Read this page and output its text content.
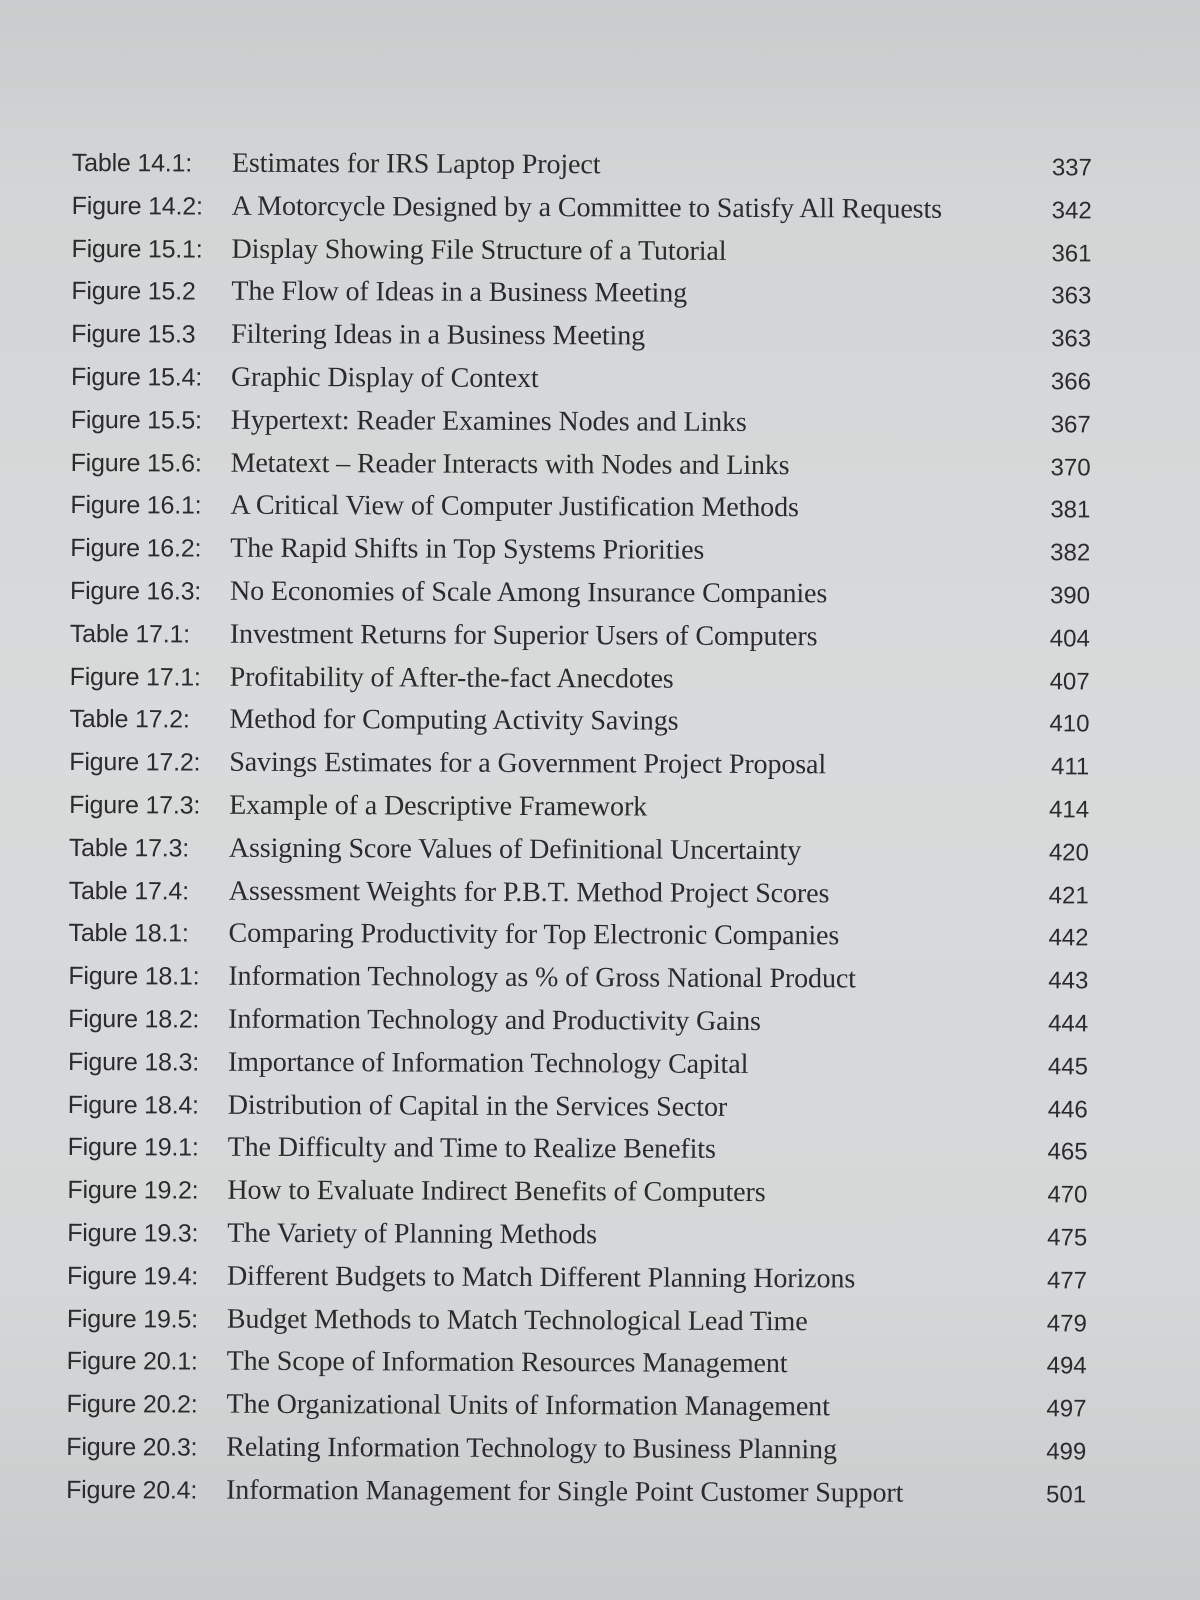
Table 14.1:	Estimates for IRS Laptop Project	337
Figure 14.2:	A Motorcycle Designed by a Committee to Satisfy All Requests	342
Figure 15.1:	Display Showing File Structure of a Tutorial	361
Figure 15.2	The Flow of Ideas in a Business Meeting	363
Figure 15.3	Filtering Ideas in a Business Meeting	363
Figure 15.4:	Graphic Display of Context	366
Figure 15.5:	Hypertext: Reader Examines Nodes and Links	367
Figure 15.6:	Metatext – Reader Interacts with Nodes and Links	370
Figure 16.1:	A Critical View of Computer Justification Methods	381
Figure 16.2:	The Rapid Shifts in Top Systems Priorities	382
Figure 16.3:	No Economies of Scale Among Insurance Companies	390
Table 17.1:	Investment Returns for Superior Users of Computers	404
Figure 17.1:	Profitability of After-the-fact Anecdotes	407
Table 17.2:	Method for Computing Activity Savings	410
Figure 17.2:	Savings Estimates for a Government Project Proposal	411
Figure 17.3:	Example of a Descriptive Framework	414
Table 17.3:	Assigning Score Values of Definitional Uncertainty	420
Table 17.4:	Assessment Weights for P.B.T. Method Project Scores	421
Table 18.1:	Comparing Productivity for Top Electronic Companies	442
Figure 18.1:	Information Technology as % of Gross National Product	443
Figure 18.2:	Information Technology and Productivity Gains	444
Figure 18.3:	Importance of Information Technology Capital	445
Figure 18.4:	Distribution of Capital in the Services Sector	446
Figure 19.1:	The Difficulty and Time to Realize Benefits	465
Figure 19.2:	How to Evaluate Indirect Benefits of Computers	470
Figure 19.3:	The Variety of Planning Methods	475
Figure 19.4:	Different Budgets to Match Different Planning Horizons	477
Figure 19.5:	Budget Methods to Match Technological Lead Time	479
Figure 20.1:	The Scope of Information Resources Management	494
Figure 20.2:	The Organizational Units of Information Management	497
Figure 20.3:	Relating Information Technology to Business Planning	499
Figure 20.4:	Information Management for Single Point Customer Support	501
